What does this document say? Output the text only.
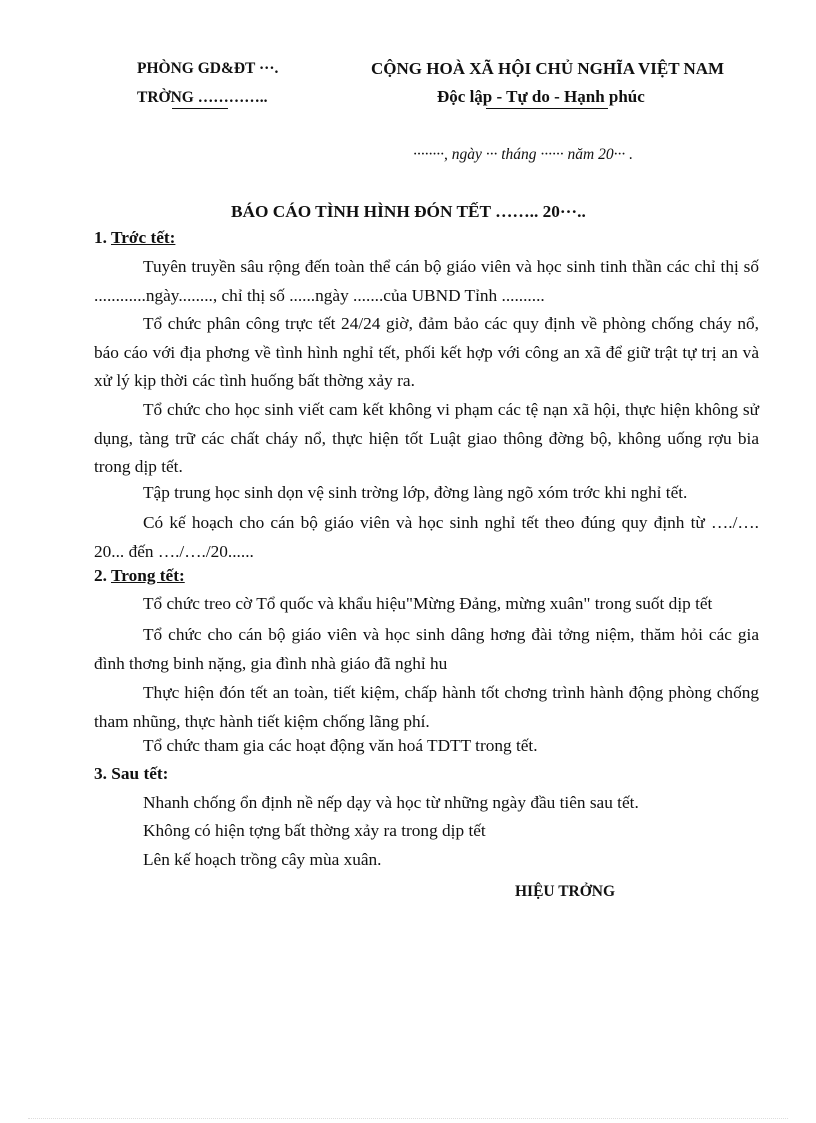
PHÒNG GD&ĐT ···.
TRỜNG …………..
CỘNG HOÀ XÃ HỘI CHỦ NGHĨA VIỆT NAM
Độc lập - Tự do - Hạnh phúc
········, ngày ··· tháng ······ năm 20··· .
BÁO CÁO TÌNH HÌNH ĐÓN TẾT …….. 20···..
1. Trớc tết:
Tuyên truyền sâu rộng đến toàn thể cán bộ giáo viên và học sinh tinh thần các chỉ thị số ............ngày........, chỉ thị số ......ngày .......của UBND Tỉnh ..........
Tổ chức phân công trực tết 24/24 giờ, đảm bảo các quy định về phòng chống cháy nổ, báo cáo với địa phơng về tình hình nghỉ tết, phối kết hợp với công an xã để giữ trật tự trị an và xử lý kịp thời các tình huống bất thờng xảy ra.
Tổ chức cho học sinh viết cam kết không vi phạm các tệ nạn xã hội, thực hiện không sử dụng, tàng trữ các chất cháy nổ, thực hiện tốt Luật giao thông đờng bộ, không uống rợu bia trong dịp tết.
Tập trung học sinh dọn vệ sinh trờng lớp, đờng làng ngõ xóm trớc khi nghỉ tết.
Có kế hoạch cho cán bộ giáo viên và học sinh nghỉ tết theo đúng quy định từ …./…. 20... đến …./…./20......
2. Trong tết:
Tổ chức treo cờ Tổ quốc và khẩu hiệu"Mừng Đảng, mừng xuân" trong suốt dịp tết
Tổ chức cho cán bộ giáo viên và học sinh dâng hơng đài tởng niệm, thăm hỏi các gia đình thơng binh nặng, gia đình nhà giáo đã nghỉ hu
Thực hiện đón tết an toàn, tiết kiệm, chấp hành tốt chơng trình hành động phòng chống tham nhũng, thực hành tiết kiệm chống lãng phí.
Tổ chức tham gia các hoạt động văn hoá TDTT trong tết.
3. Sau tết:
Nhanh chống ổn định nề nếp dạy và học từ những ngày đầu tiên sau tết.
Không có hiện tợng bất thờng xảy ra trong dịp tết
Lên kế hoạch trồng cây mùa xuân.
HIỆU TRỞNG
